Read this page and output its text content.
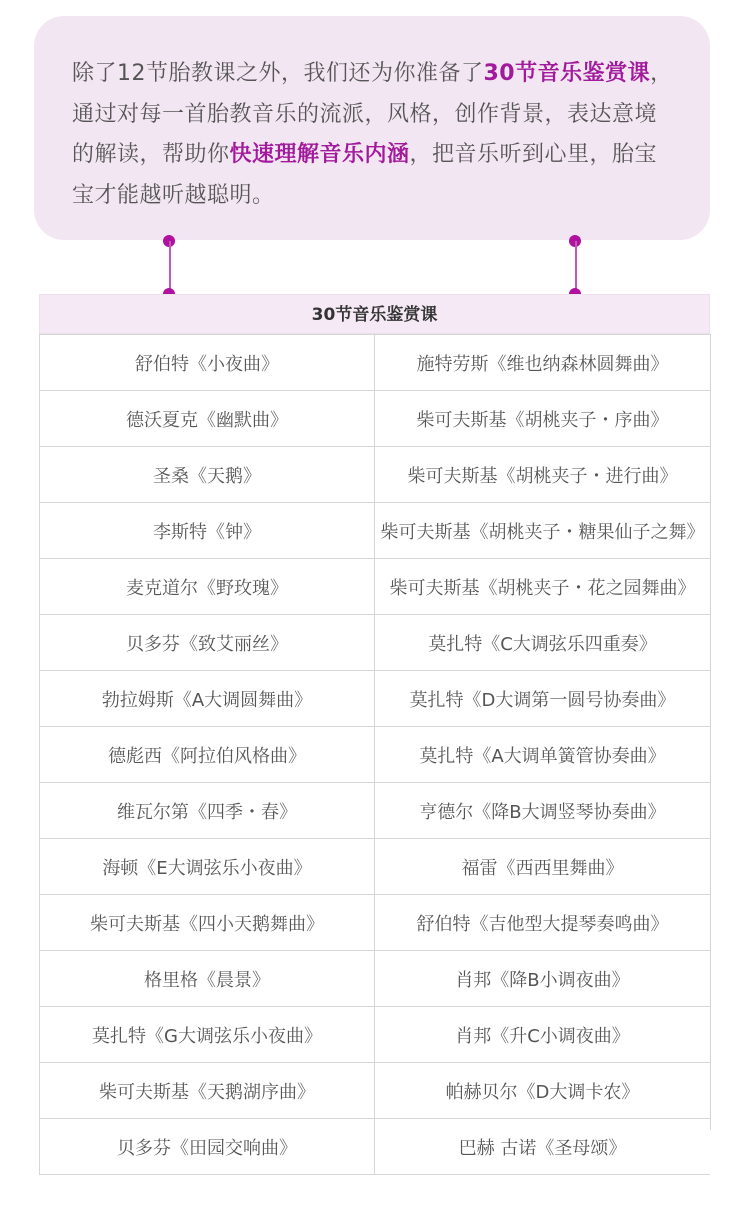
除了12节胎教课之外，我们还为你准备了30节音乐鉴赏课，通过对每一首胎教音乐的流派，风格，创作背景，表达意境的解读，帮助你快速理解音乐内涵，把音乐听到心里，胎宝宝才能越听越聪明。

30节音乐鉴赏课
舒伯特《小夜曲》	施特劳斯《维也纳森林圆舞曲》
德沃夏克《幽默曲》	柴可夫斯基《胡桃夹子・序曲》
圣桑《天鹅》	柴可夫斯基《胡桃夹子・进行曲》
李斯特《钟》	柴可夫斯基《胡桃夹子・糖果仙子之舞》
麦克道尔《野玫瑰》	柴可夫斯基《胡桃夹子・花之园舞曲》
贝多芬《致艾丽丝》	莫扎特《C大调弦乐四重奏》
勃拉姆斯《A大调圆舞曲》	莫扎特《D大调第一圆号协奏曲》
德彪西《阿拉伯风格曲》	莫扎特《A大调单簧管协奏曲》
维瓦尔第《四季・春》	亨德尔《降B大调竖琴协奏曲》
海顿《E大调弦乐小夜曲》	福雷《西西里舞曲》
柴可夫斯基《四小天鹅舞曲》	舒伯特《吉他型大提琴奏鸣曲》
格里格《晨景》	肖邦《降B小调夜曲》
莫扎特《G大调弦乐小夜曲》	肖邦《升C小调夜曲》
柴可夫斯基《天鹅湖序曲》	帕赫贝尔《D大调卡农》
贝多芬《田园交响曲》	巴赫 古诺《圣母颂》
